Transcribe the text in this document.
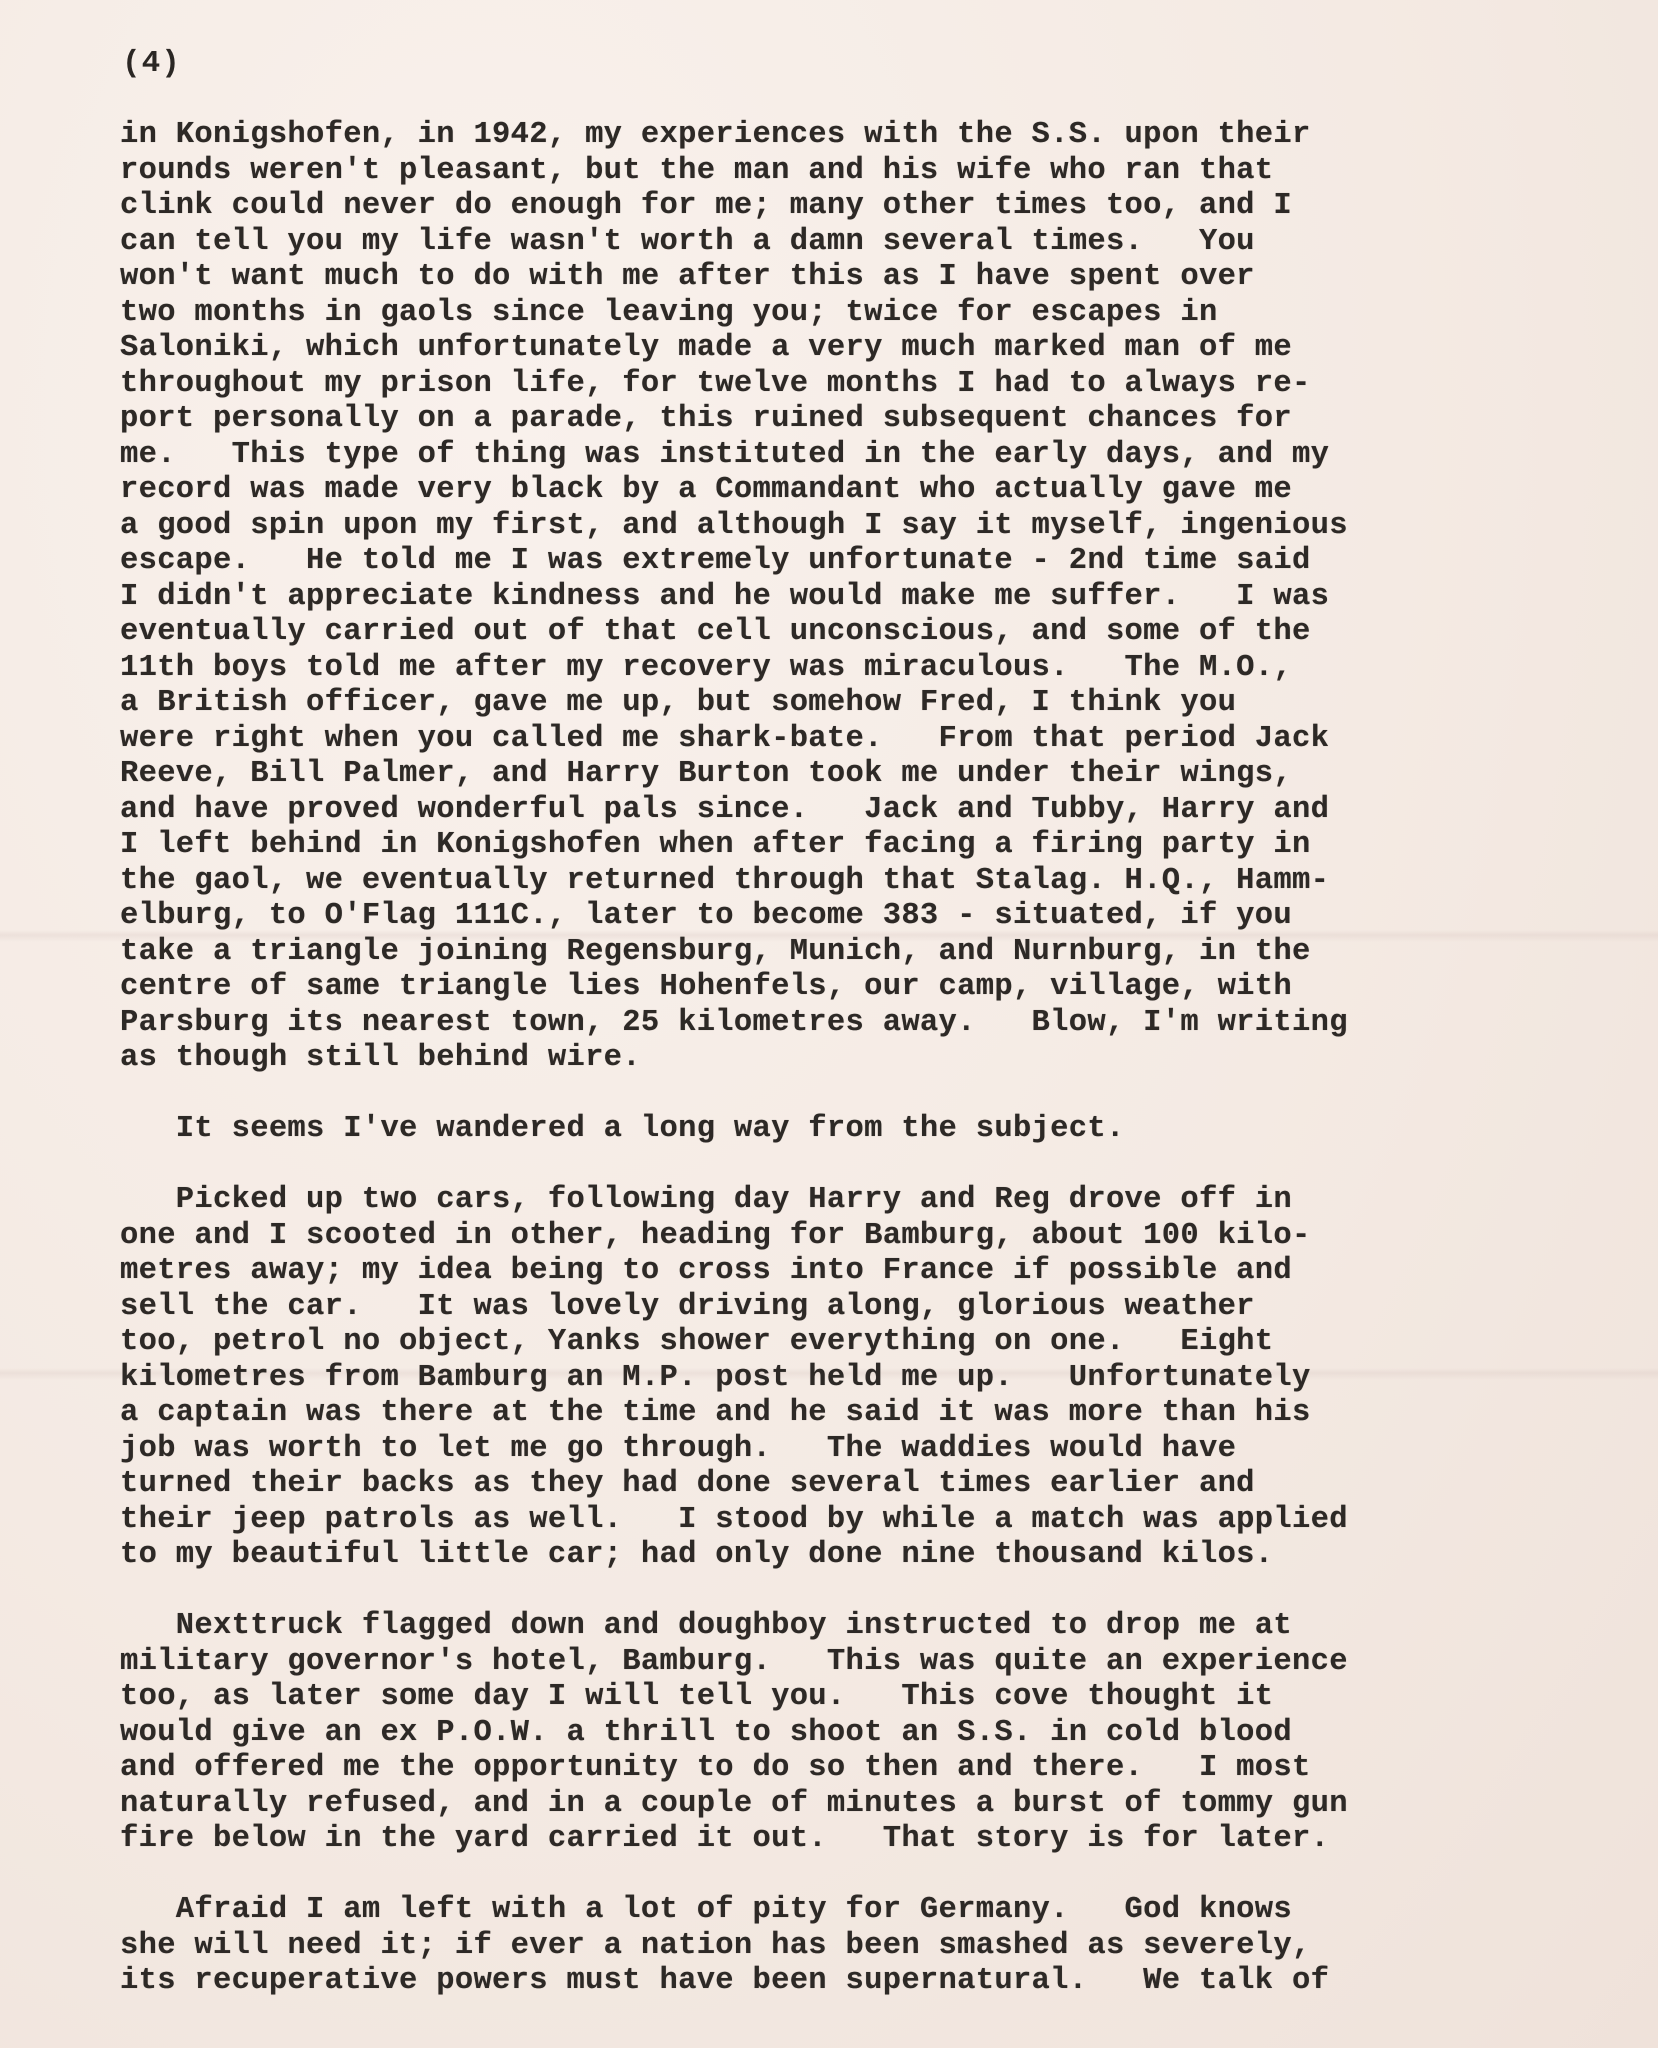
(4)

in Konigshofen, in 1942, my experiences with the S.S. upon their
rounds weren't pleasant, but the man and his wife who ran that
clink could never do enough for me; many other times too, and I
can tell you my life wasn't worth a damn several times.   You
won't want much to do with me after this as I have spent over
two months in gaols since leaving you; twice for escapes in
Saloniki, which unfortunately made a very much marked man of me
throughout my prison life, for twelve months I had to always re-
port personally on a parade, this ruined subsequent chances for
me.   This type of thing was instituted in the early days, and my
record was made very black by a Commandant who actually gave me
a good spin upon my first, and although I say it myself, ingenious
escape.   He told me I was extremely unfortunate - 2nd time said
I didn't appreciate kindness and he would make me suffer.   I was
eventually carried out of that cell unconscious, and some of the
11th boys told me after my recovery was miraculous.   The M.O.,
a British officer, gave me up, but somehow Fred, I think you
were right when you called me shark-bate.   From that period Jack
Reeve, Bill Palmer, and Harry Burton took me under their wings,
and have proved wonderful pals since.   Jack and Tubby, Harry and
I left behind in Konigshofen when after facing a firing party in
the gaol, we eventually returned through that Stalag. H.Q., Hamm-
elburg, to O'Flag 111C., later to become 383 - situated, if you
take a triangle joining Regensburg, Munich, and Nurnburg, in the
centre of same triangle lies Hohenfels, our camp, village, with
Parsburg its nearest town, 25 kilometres away.   Blow, I'm writing
as though still behind wire.

It seems I've wandered a long way from the subject.

Picked up two cars, following day Harry and Reg drove off in
one and I scooted in other, heading for Bamburg, about 100 kilo-
metres away; my idea being to cross into France if possible and
sell the car.   It was lovely driving along, glorious weather
too, petrol no object, Yanks shower everything on one.   Eight
kilometres from Bamburg an M.P. post held me up.   Unfortunately
a captain was there at the time and he said it was more than his
job was worth to let me go through.   The waddies would have
turned their backs as they had done several times earlier and
their jeep patrols as well.   I stood by while a match was applied
to my beautiful little car; had only done nine thousand kilos.

Nexttruck flagged down and doughboy instructed to drop me at
military governor's hotel, Bamburg.   This was quite an experience
too, as later some day I will tell you.   This cove thought it
would give an ex P.O.W. a thrill to shoot an S.S. in cold blood
and offered me the opportunity to do so then and there.   I most
naturally refused, and in a couple of minutes a burst of tommy gun
fire below in the yard carried it out.   That story is for later.

Afraid I am left with a lot of pity for Germany.   God knows
she will need it; if ever a nation has been smashed as severely,
its recuperative powers must have been supernatural.   We talk of
